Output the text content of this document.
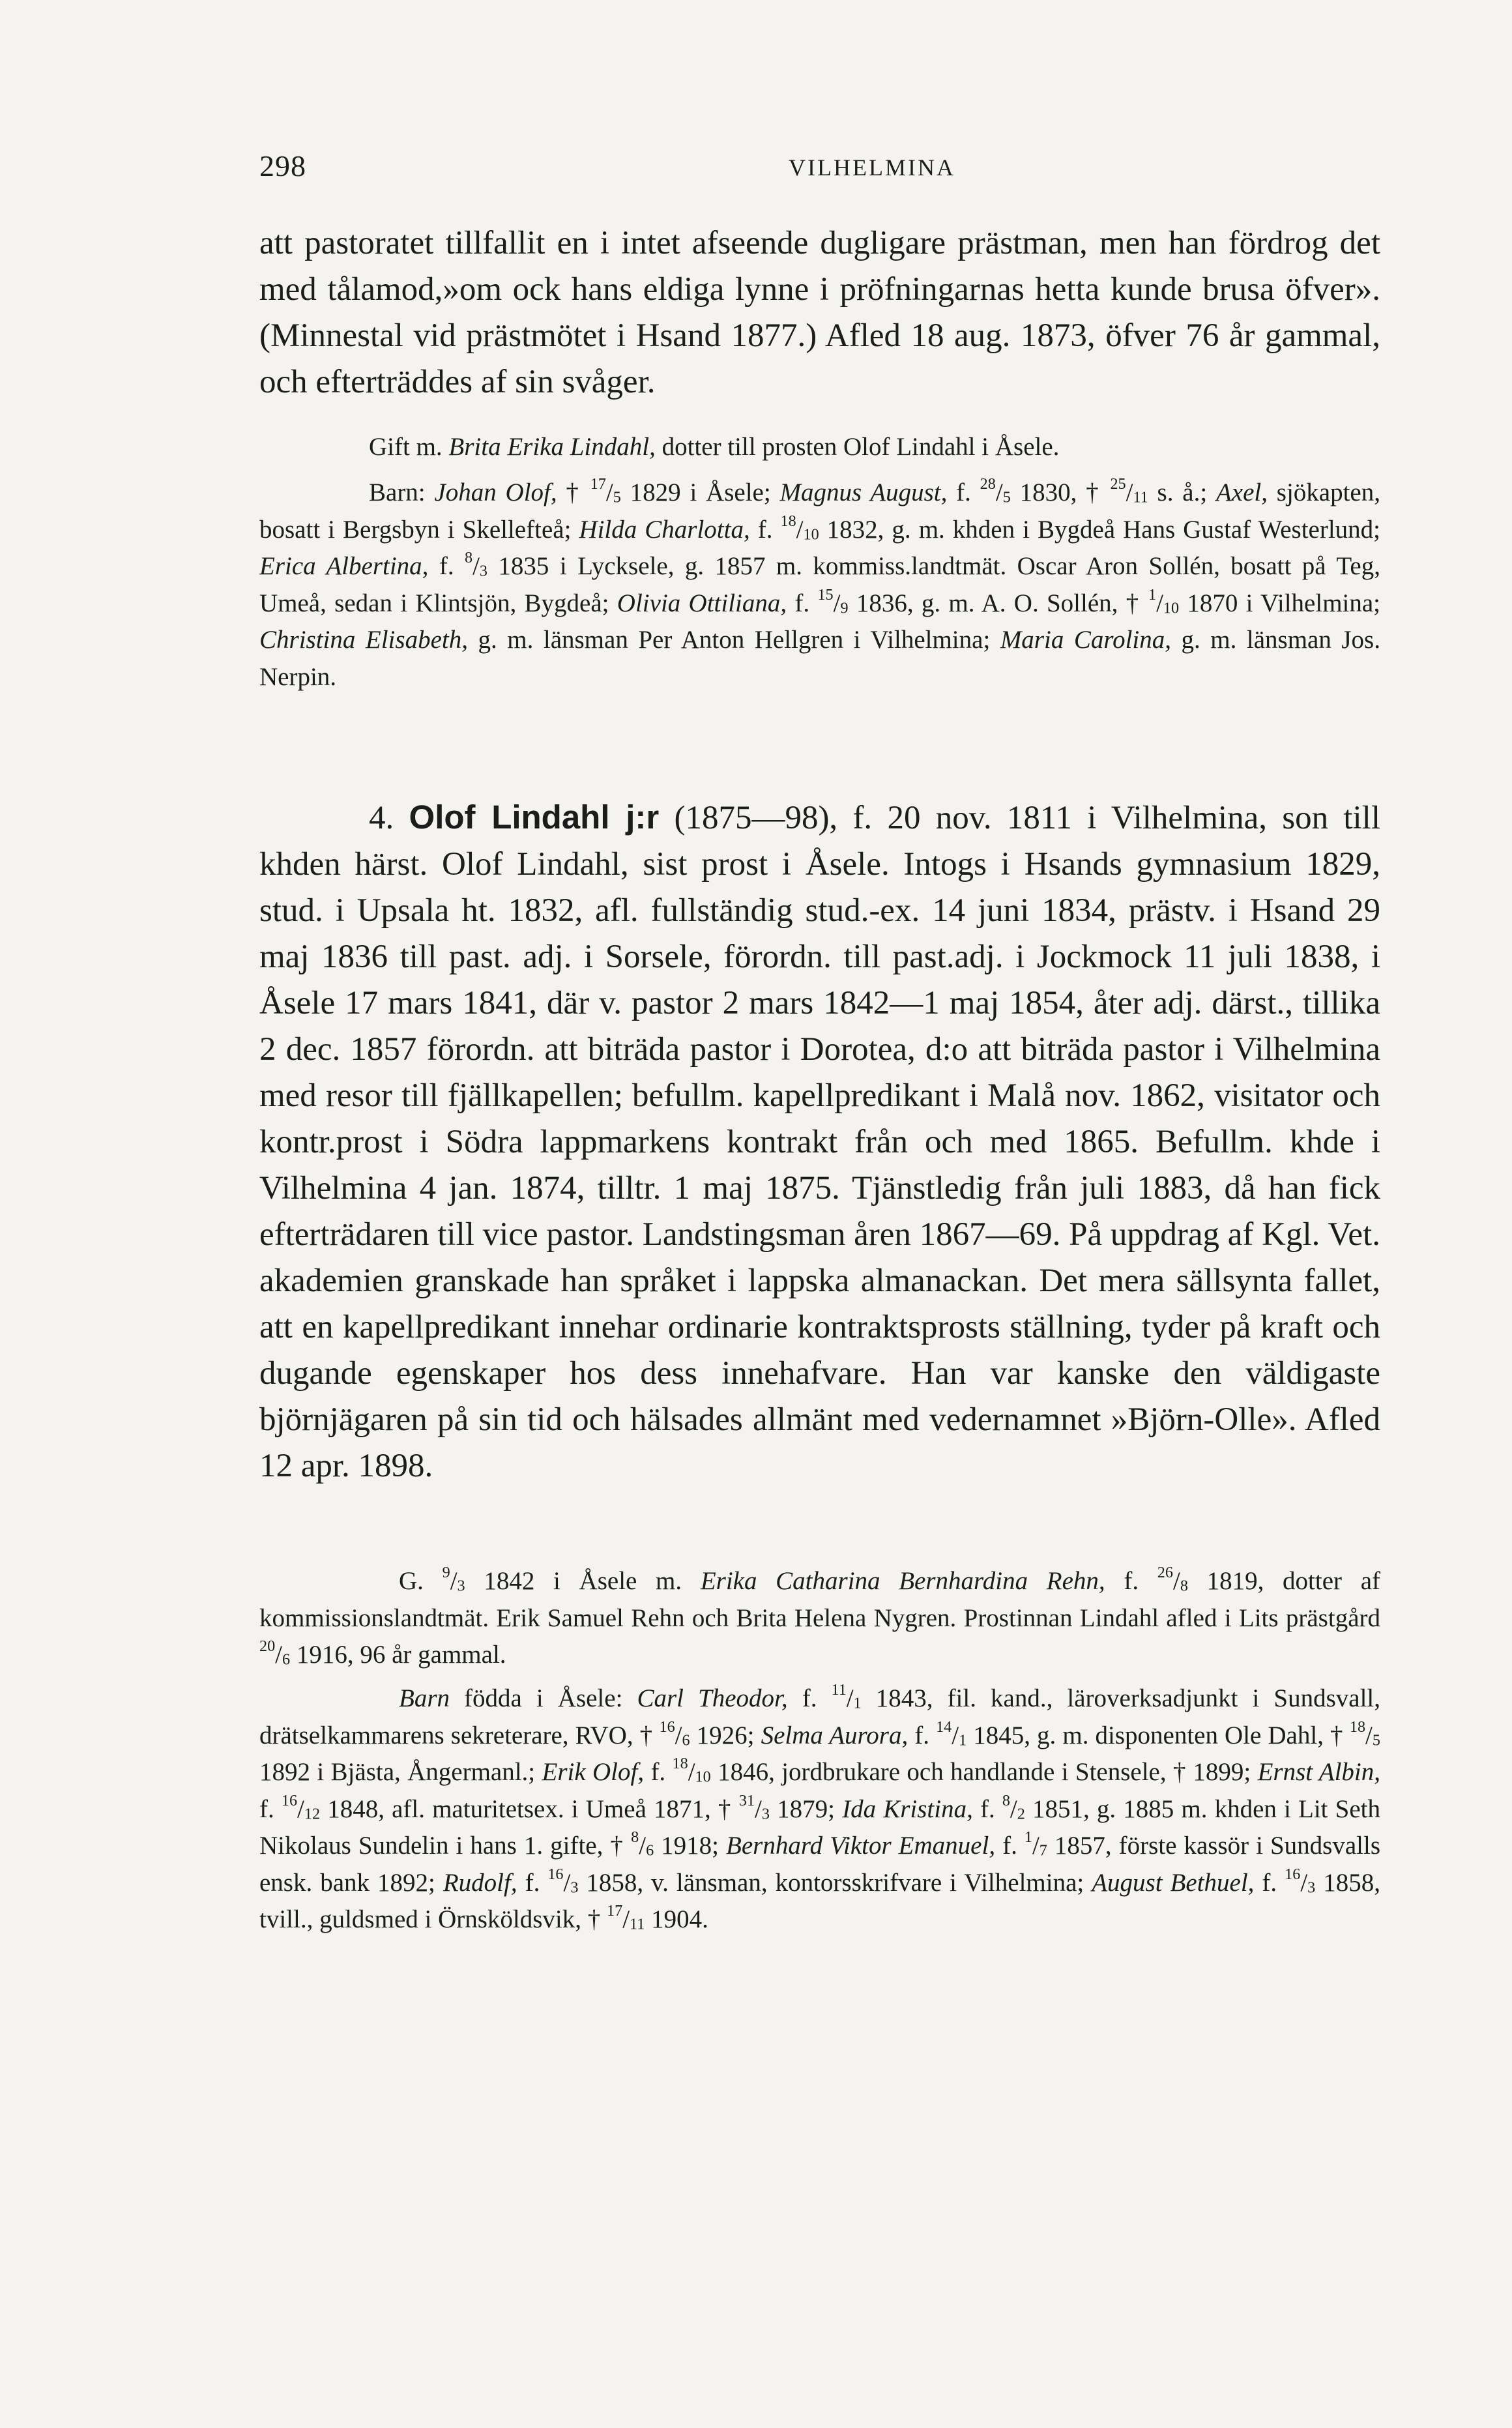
298	VILHELMINA

att pastoratet tillfallit en i intet afseende dugligare prästman, men han fördrog det med tålamod,»om ock hans eldiga lynne i pröfningarnas hetta kunde brusa öfver». (Minnestal vid prästmötet i Hsand 1877.) Afled 18 aug. 1873, öfver 76 år gammal, och efterträddes af sin svåger.

Gift m. Brita Erika Lindahl, dotter till prosten Olof Lindahl i Åsele.

Barn: Johan Olof, † $^{17}/_5$ 1829 i Åsele; Magnus August, f. $^{28}/_5$ 1830, † $^{25}/_{11}$ s. å.; Axel, sjökapten, bosatt i Bergsbyn i Skellefteå; Hilda Charlotta, f. $^{18}/_{10}$ 1832, g. m. khden i Bygdeå Hans Gustaf Westerlund; Erica Albertina, f. $^8/_3$ 1835 i Lycksele, g. 1857 m. kommiss.landtmät. Oscar Aron Sollén, bosatt på Teg, Umeå, sedan i Klintsjön, Bygdeå; Olivia Ottiliana, f. $^{15}/_9$ 1836, g. m. A. O. Sollén, † $^1/_{10}$ 1870 i Vilhelmina; Christina Elisabeth, g. m. länsman Per Anton Hellgren i Vilhelmina; Maria Carolina, g. m. länsman Jos. Nerpin.

4. Olof Lindahl j:r (1875—98), f. 20 nov. 1811 i Vilhelmina, son till khden härst. Olof Lindahl, sist prost i Åsele. Intogs i Hsands gymnasium 1829, stud. i Upsala ht. 1832, afl. fullständig stud.-ex. 14 juni 1834, prästv. i Hsand 29 maj 1836 till past. adj. i Sorsele, förordn. till past.adj. i Jockmock 11 juli 1838, i Åsele 17 mars 1841, där v. pastor 2 mars 1842—1 maj 1854, åter adj. därst., tillika 2 dec. 1857 förordn. att biträda pastor i Dorotea, d:o att biträda pastor i Vilhelmina med resor till fjällkapellen; befullm. kapellpredikant i Malå nov. 1862, visitator och kontr.prost i Södra lappmarkens kontrakt från och med 1865. Befullm. khde i Vilhelmina 4 jan. 1874, tilltr. 1 maj 1875. Tjänstledig från juli 1883, då han fick efterträdaren till vice pastor. Landstingsman åren 1867—69. På uppdrag af Kgl. Vet. akademien granskade han språket i lappska almanackan. Det mera sällsynta fallet, att en kapellpredikant innehar ordinarie kontraktsprosts ställning, tyder på kraft och dugande egenskaper hos dess innehafvare. Han var kanske den väldigaste björnjägaren på sin tid och hälsades allmänt med vedernamnet »Björn-Olle». Afled 12 apr. 1898.

G. $^9/_3$ 1842 i Åsele m. Erika Catharina Bernhardina Rehn, f. $^{26}/_8$ 1819, dotter af kommissionslandtmät. Erik Samuel Rehn och Brita Helena Nygren. Prostinnan Lindahl afled i Lits prästgård $^{20}/_6$ 1916, 96 år gammal.

Barn födda i Åsele: Carl Theodor, f. $^{11}/_1$ 1843, fil. kand., läroverksadjunkt i Sundsvall, drätselkammarens sekreterare, RVO, † $^{16}/_6$ 1926; Selma Aurora, f. $^{14}/_1$ 1845, g. m. disponenten Ole Dahl, † $^{18}/_5$ 1892 i Bjästa, Ångermanl.; Erik Olof, f. $^{18}/_{10}$ 1846, jordbrukare och handlande i Stensele, † 1899; Ernst Albin, f. $^{16}/_{12}$ 1848, afl. maturitetsex. i Umeå 1871, † $^{31}/_3$ 1879; Ida Kristina, f. $^8/_2$ 1851, g. 1885 m. khden i Lit Seth Nikolaus Sundelin i hans 1. gifte, † $^8/_6$ 1918; Bernhard Viktor Emanuel, f. $^1/_7$ 1857, förste kassör i Sundsvalls ensk. bank 1892; Rudolf, f. $^{16}/_3$ 1858, v. länsman, kontorsskrifvare i Vilhelmina; August Bethuel, f. $^{16}/_3$ 1858, tvill., guldsmed i Örnsköldsvik, † $^{17}/_{11}$ 1904.
